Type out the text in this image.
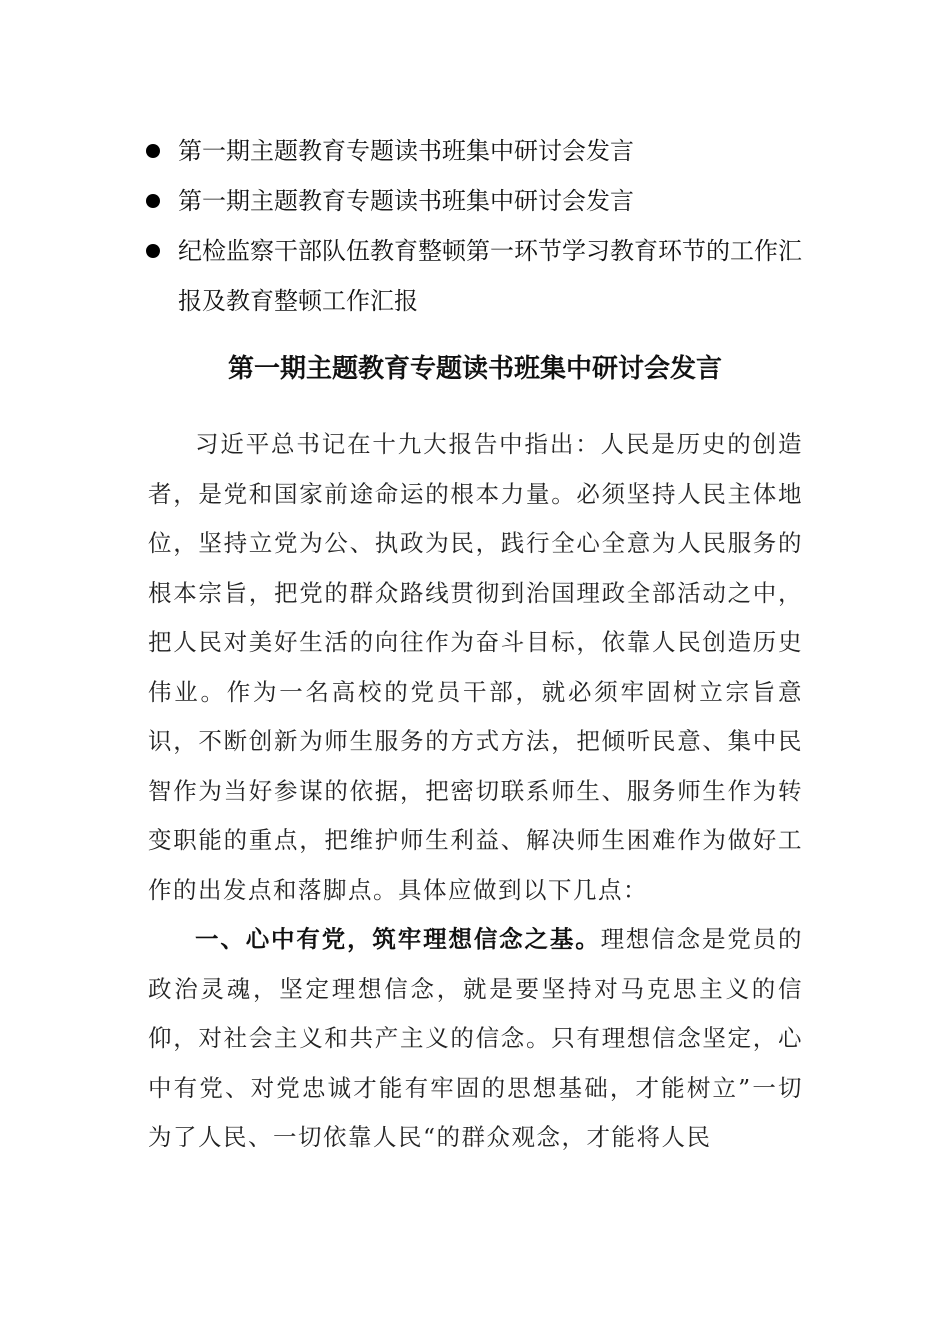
第一期主题教育专题读书班集中研讨会发言
第一期主题教育专题读书班集中研讨会发言
纪检监察干部队伍教育整顿第一环节学习教育环节的工作汇报及教育整顿工作汇报
第一期主题教育专题读书班集中研讨会发言

习近平总书记在十九大报告中指出：人民是历史的创造者，是党和国家前途命运的根本力量。必须坚持人民主体地位，坚持立党为公、执政为民，践行全心全意为人民服务的根本宗旨，把党的群众路线贯彻到治国理政全部活动之中，把人民对美好生活的向往作为奋斗目标，依靠人民创造历史伟业。作为一名高校的党员干部，就必须牢固树立宗旨意识，不断创新为师生服务的方式方法，把倾听民意、集中民智作为当好参谋的依据，把密切联系师生、服务师生作为转变职能的重点，把维护师生利益、解决师生困难作为做好工作的出发点和落脚点。具体应做到以下几点：

一、心中有党，筑牢理想信念之基。理想信念是党员的政治灵魂，坚定理想信念，就是要坚持对马克思主义的信仰，对社会主义和共产主义的信念。只有理想信念坚定，心中有党、对党忠诚才能有牢固的思想基础，才能树立”一切为了人民、一切依靠人民“的群众观念，才能将人民
